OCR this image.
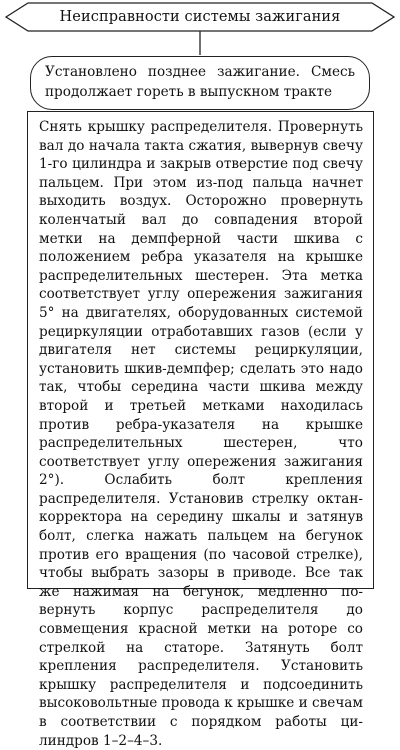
Неисправности системы зажигания

Установлено позднее зажигание. Смесь продолжает гореть в выпускном тракте

Снять крышку распределителя. Провернуть вал до начала такта сжатия, вывернув свечу 1-го цилиндра и закрыв отверстие под свечу пальцем. При этом из-под пальца начнет выходить воздух. Осторожно провернуть коленчатый вал до совпадения второй метки на демпферной части шкива с положением ребра указателя на крышке распределительных шестерен. Эта метка соответствует углу опережения зажигания 5° на двигателях, оборудованных системой рециркуляции отработавших газов (если у двигателя нет системы рециркуляции, установить шкив-демпфер; сделать это надо так, чтобы середина части шкива между второй и третьей метками находилась против ребра-указателя на крышке распределительных шестерен, что соответствует углу опережения зажигания 2°). Ослабить болт крепления распределителя. Установив стрелку октан-корректора на середину шкалы и затянув болт, слегка нажать пальцем на бегунок против его вращения (по часовой стрелке), чтобы выбрать зазоры в приводе. Все так же нажимая на бегунок, медленно повернуть корпус распределителя до совмещения красной метки на роторе со стрелкой на статоре. Затянуть болт крепления распределителя. Установить крышку распределителя и подсоединить высоковольтные провода к крышке и свечам в соответствии с порядком работы цилиндров 1–2–4–3.
